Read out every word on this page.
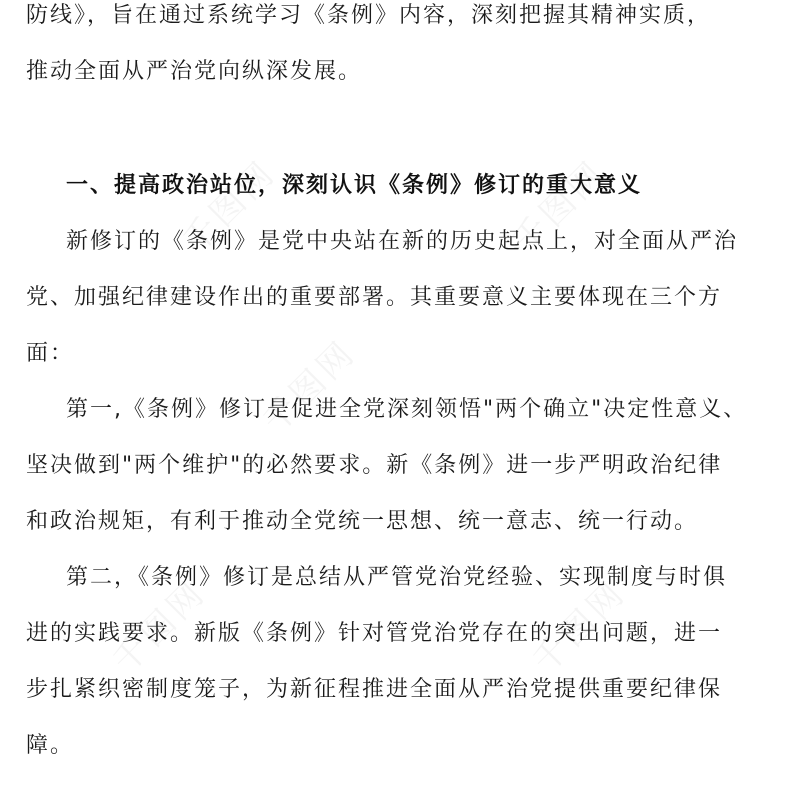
千图网	千图网
千图网
千图网	千图网
防线》，旨在通过系统学习《条例》内容，深刻把握其精神实质，
推动全面从严治党向纵深发展。
一、提高政治站位，深刻认识《条例》修订的重大意义
新修订的《条例》是党中央站在新的历史起点上，对全面从严治
党、加强纪律建设作出的重要部署。其重要意义主要体现在三个方
面：
第一,《条例》修订是促进全党深刻领悟"两个确立"决定性意义、
坚决做到"两个维护"的必然要求。新《条例》进一步严明政治纪律
和政治规矩，有利于推动全党统一思想、统一意志、统一行动。
第二，《条例》修订是总结从严管党治党经验、实现制度与时俱
进的实践要求。新版《条例》针对管党治党存在的突出问题，进一
步扎紧织密制度笼子，为新征程推进全面从严治党提供重要纪律保
障。
